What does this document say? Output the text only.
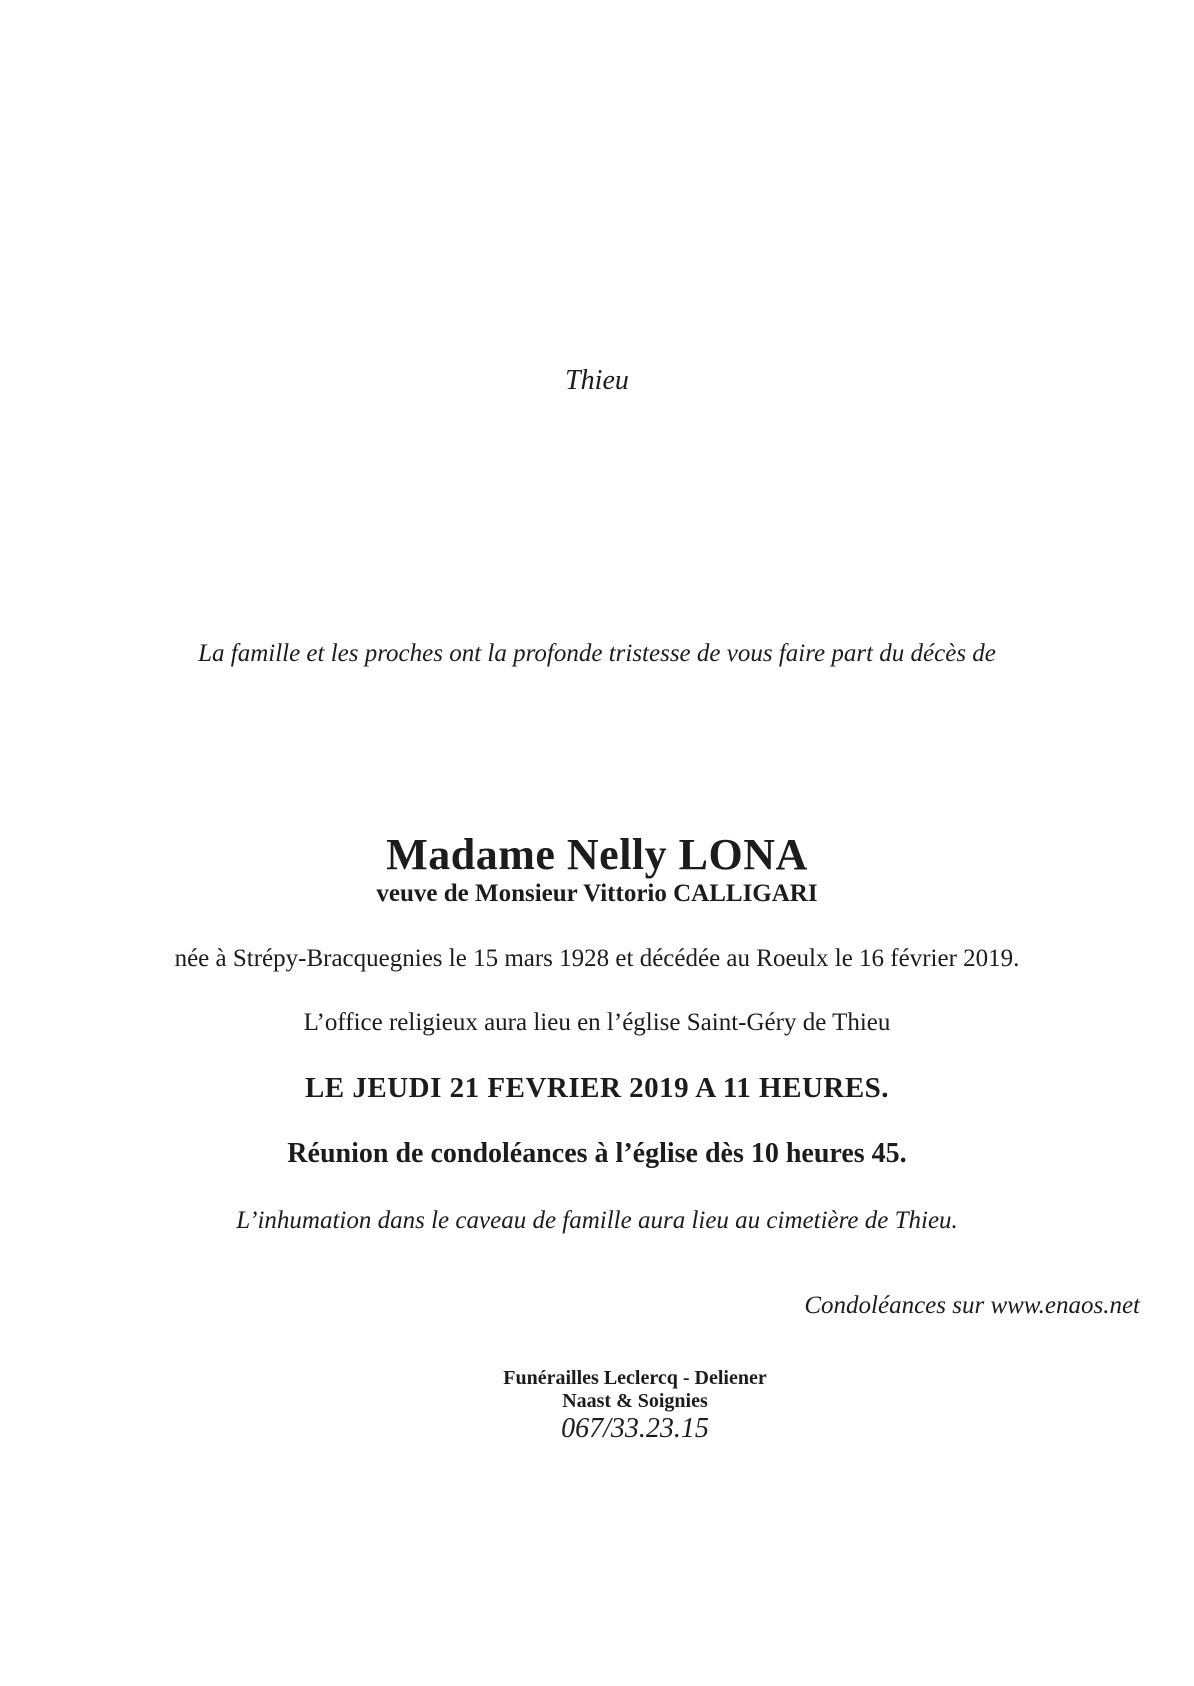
Thieu
La famille et les proches ont la profonde tristesse de vous faire part du décès de
Madame Nelly LONA
veuve de Monsieur Vittorio CALLIGARI
née à Strépy-Bracquegnies le 15 mars 1928 et décédée au Roeulx le 16 février 2019.
L’office religieux aura lieu en l’église Saint-Géry de Thieu
LE JEUDI 21 FEVRIER 2019 A 11 HEURES.
Réunion de condoléances à l’église dès 10 heures 45.
L’inhumation dans le caveau de famille aura lieu au cimetière de Thieu.
Condoléances sur www.enaos.net
Funérailles Leclercq - Deliener
Naast & Soignies
067/33.23.15
